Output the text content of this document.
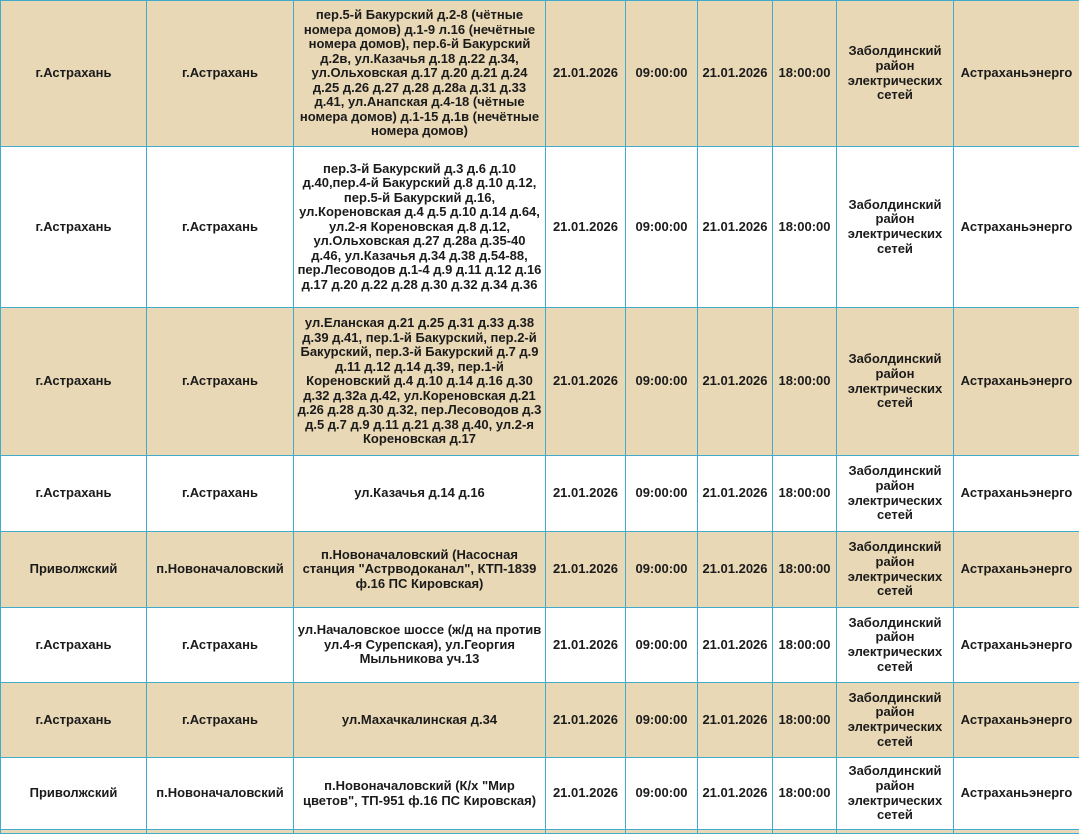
г.Астрахань	г.Астрахань	пер.5-й Бакурский д.2-8 (чётные номера домов) д.1-9 л.16 (нечётные номера домов), пер.6-й Бакурский д.2в, ул.Казачья д.18 д.22 д.34, ул.Ольховская д.17 д.20 д.21 д.24 д.25 д.26 д.27 д.28 д.28а д.31 д.33 д.41, ул.Анапская д.4-18 (чётные номера домов) д.1-15 д.1в (нечётные номера домов)	21.01.2026	09:00:00	21.01.2026	18:00:00	Заболдинский район электрических сетей	Астраханьэнерго
г.Астрахань	г.Астрахань	пер.3-й Бакурский д.3 д.6 д.10 д.40,пер.4-й Бакурский д.8 д.10 д.12, пер.5-й Бакурский д.16, ул.Кореновская д.4 д.5 д.10 д.14 д.64, ул.2-я Кореновская д.8 д.12, ул.Ольховская д.27 д.28а д.35-40 д.46, ул.Казачья д.34 д.38 д.54-88, пер.Лесоводов д.1-4 д.9 д.11 д.12 д.16 д.17 д.20 д.22 д.28 д.30 д.32 д.34 д.36	21.01.2026	09:00:00	21.01.2026	18:00:00	Заболдинский район электрических сетей	Астраханьэнерго
г.Астрахань	г.Астрахань	ул.Еланская д.21 д.25 д.31 д.33 д.38 д.39 д.41, пер.1-й Бакурский, пер.2-й Бакурский, пер.3-й Бакурский д.7 д.9 д.11 д.12 д.14 д.39, пер.1-й Кореновский д.4 д.10 д.14 д.16 д.30 д.32 д.32а д.42, ул.Кореновская д.21 д.26 д.28 д.30 д.32, пер.Лесоводов д.3 д.5 д.7 д.9 д.11 д.21 д.38 д.40, ул.2-я Кореновская д.17	21.01.2026	09:00:00	21.01.2026	18:00:00	Заболдинский район электрических сетей	Астраханьэнерго
г.Астрахань	г.Астрахань	ул.Казачья д.14 д.16	21.01.2026	09:00:00	21.01.2026	18:00:00	Заболдинский район электрических сетей	Астраханьэнерго
Приволжский	п.Новоначаловский	п.Новоначаловский (Насосная станция "Астрводоканал", КТП-1839 ф.16 ПС Кировская)	21.01.2026	09:00:00	21.01.2026	18:00:00	Заболдинский район электрических сетей	Астраханьэнерго
г.Астрахань	г.Астрахань	ул.Началовское шоссе (ж/д на против ул.4-я Сурепская), ул.Георгия Мыльникова уч.13	21.01.2026	09:00:00	21.01.2026	18:00:00	Заболдинский район электрических сетей	Астраханьэнерго
г.Астрахань	г.Астрахань	ул.Махачкалинская д.34	21.01.2026	09:00:00	21.01.2026	18:00:00	Заболдинский район электрических сетей	Астраханьэнерго
Приволжский	п.Новоначаловский	п.Новоначаловский (К/х "Мир цветов", ТП-951 ф.16 ПС Кировская)	21.01.2026	09:00:00	21.01.2026	18:00:00	Заболдинский район электрических сетей	Астраханьэнерго
